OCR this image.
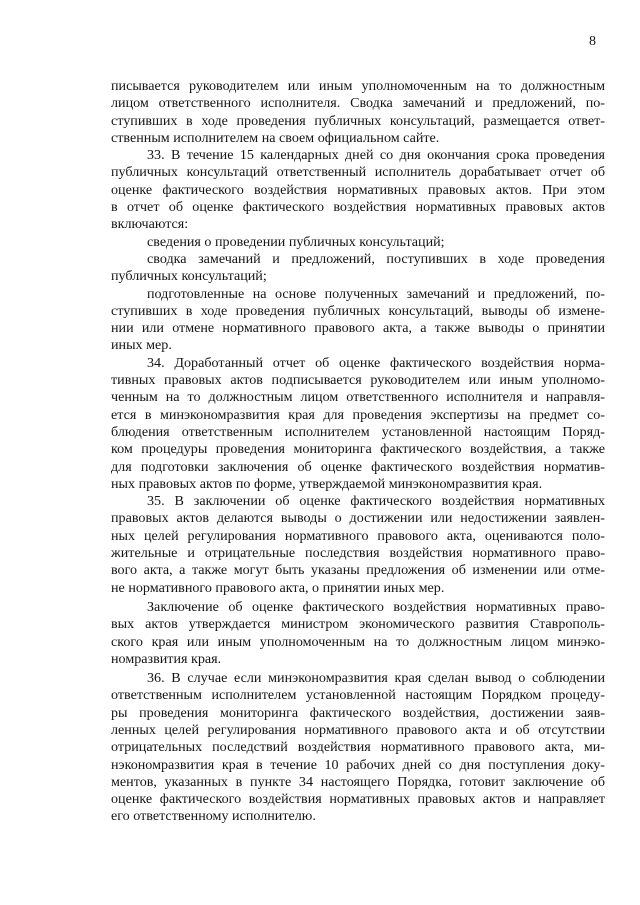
8
писывается руководителем или иным уполномоченным на то должностным
лицом ответственного исполнителя. Сводка замечаний и предложений, по-
ступивших в ходе проведения публичных консультаций, размещается ответ-
ственным исполнителем на своем официальном сайте.
33. В течение 15 календарных дней со дня окончания срока проведения
публичных консультаций ответственный исполнитель дорабатывает отчет об
оценке фактического воздействия нормативных правовых актов. При этом
в отчет об оценке фактического воздействия нормативных правовых актов
включаются:
сведения о проведении публичных консультаций;
сводка замечаний и предложений, поступивших в ходе проведения
публичных консультаций;
подготовленные на основе полученных замечаний и предложений, по-
ступивших в ходе проведения публичных консультаций, выводы об измене-
нии или отмене нормативного правового акта, а также выводы о принятии
иных мер.
34. Доработанный отчет об оценке фактического воздействия норма-
тивных правовых актов подписывается руководителем или иным уполномо-
ченным на то должностным лицом ответственного исполнителя и направля-
ется в минэкономразвития края для проведения экспертизы на предмет со-
блюдения ответственным исполнителем установленной настоящим Поряд-
ком процедуры проведения мониторинга фактического воздействия, а также
для подготовки заключения об оценке фактического воздействия норматив-
ных правовых актов по форме, утверждаемой минэкономразвития края.
35. В заключении об оценке фактического воздействия нормативных
правовых актов делаются выводы о достижении или недостижении заявлен-
ных целей регулирования нормативного правового акта, оцениваются поло-
жительные и отрицательные последствия воздействия нормативного право-
вого акта, а также могут быть указаны предложения об изменении или отме-
не нормативного правового акта, о принятии иных мер.
Заключение об оценке фактического воздействия нормативных право-
вых актов утверждается министром экономического развития Ставрополь-
ского края или иным уполномоченным на то должностным лицом минэко-
номразвития края.
36. В случае если минэкономразвития края сделан вывод о соблюдении
ответственным исполнителем установленной настоящим Порядком процеду-
ры проведения мониторинга фактического воздействия, достижении заяв-
ленных целей регулирования нормативного правового акта и об отсутствии
отрицательных последствий воздействия нормативного правового акта, ми-
нэкономразвития края в течение 10 рабочих дней со дня поступления доку-
ментов, указанных в пункте 34 настоящего Порядка, готовит заключение об
оценке фактического воздействия нормативных правовых актов и направляет
его ответственному исполнителю.
